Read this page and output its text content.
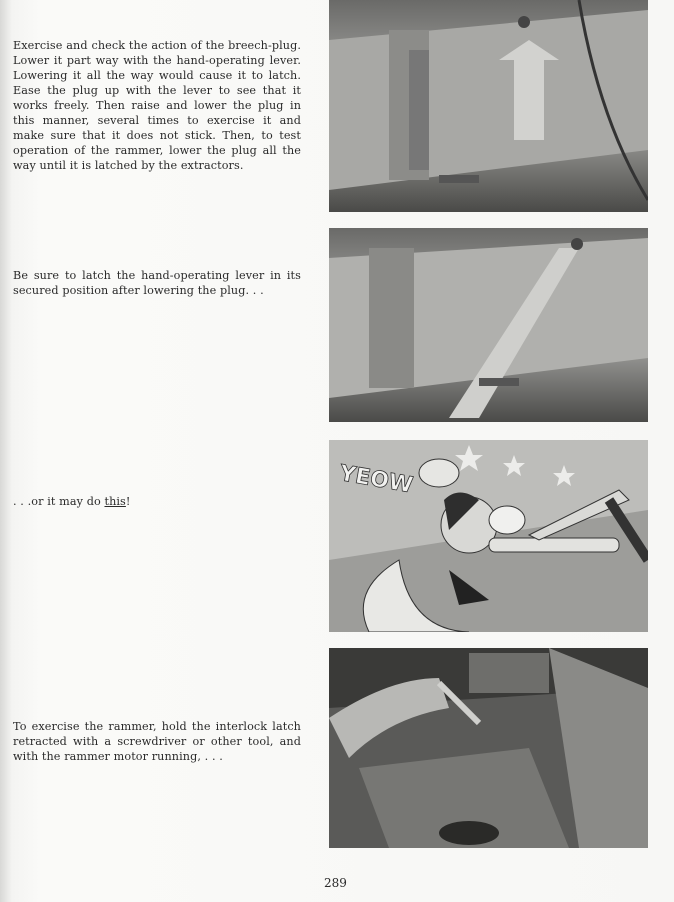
Exercise and check the action of the breech-plug. Lower it part way with the hand-operating lever. Lowering it all the way would cause it to latch. Ease the plug up with the lever to see that it works freely. Then raise and lower the plug in this manner, several times to exercise it and make sure that it does not stick. Then, to test operation of the rammer, lower the plug all the way until it is latched by the extractors.

Be sure to latch the hand-operating lever in its secured position after lowering the plug. . .

. . .or it may do this!

To exercise the rammer, hold the interlock latch retracted with a screwdriver or other tool, and with the rammer motor running, . . .

YEOW
289
